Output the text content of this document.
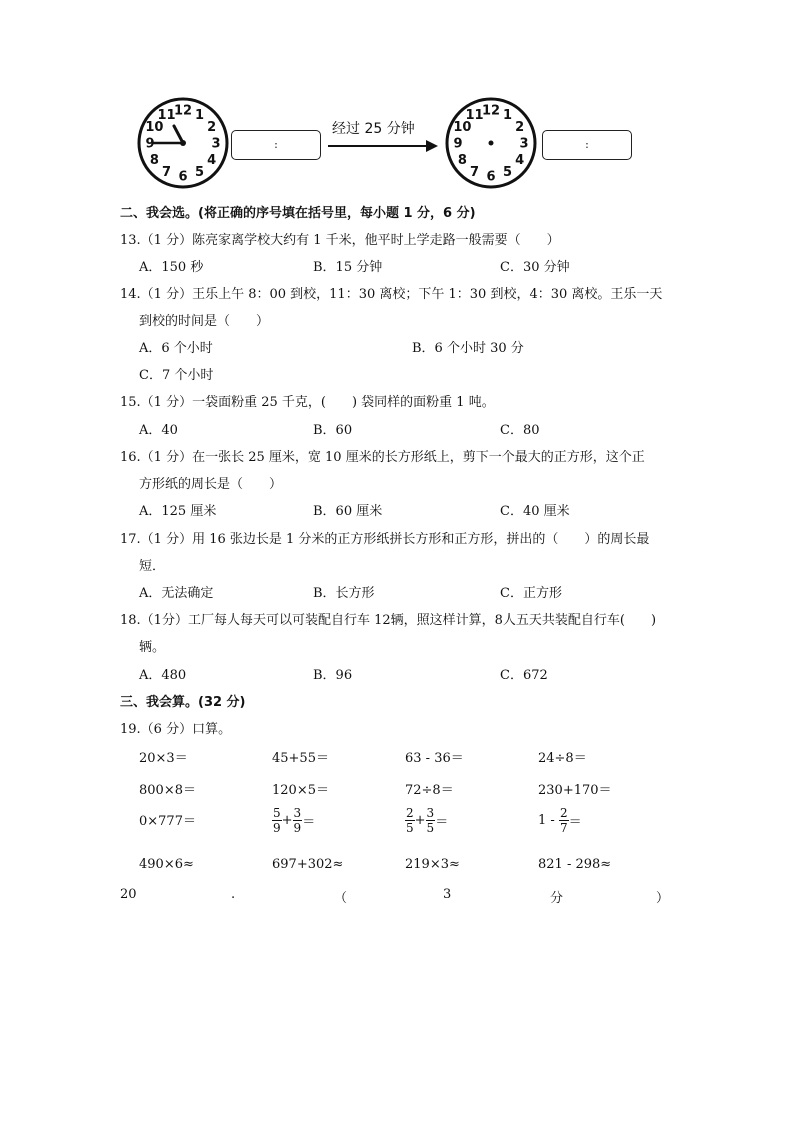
12 1
2
3
4
5
6
7
8
9
10
11
:
经过 25 分钟
12 1
2
3
4
5
6
7
8
9
10
11
:
二、我会选。(将正确的序号填在括号里，每小题 1 分，6 分)
13.（1 分）陈亮家离学校大约有 1 千米，他平时上学走路一般需要（　　）
A．150 秒	B．15 分钟	C．30 分钟
14.（1 分）王乐上午 8：00 到校，11：30 离校；下午 1：30 到校，4：30 离校。王乐一天
到校的时间是（　　）
A．6 个小时	B．6 个小时 30 分
C．7 个小时
15.（1 分）一袋面粉重 25 千克，(　　) 袋同样的面粉重 1 吨。
A．40	B．60	C．80
16.（1 分）在一张长 25 厘米，宽 10 厘米的长方形纸上，剪下一个最大的正方形，这个正
方形纸的周长是（　　）
A．125 厘米	B．60 厘米	C．40 厘米
17.（1 分）用 16 张边长是 1 分米的正方形纸拼长方形和正方形，拼出的（　　）的周长最
短．
A．无法确定	B．长方形	C．正方形
18.（1分）工厂每人每天可以可装配自行车 12辆，照这样计算，8人五天共装配自行车(　　)
辆。
A．480	B．96	C．672
三、我会算。(32 分)
19.（6 分）口算。
20×3＝	45+55＝	63 - 36＝	24÷8＝
800×8＝	120×5＝	72÷8＝	230+170＝
0×777＝	$\frac{5}{9} + \frac{3}{9}$ ＝	$\frac{2}{5} + \frac{3}{5}$ ＝	$1 - \frac{2}{7}$ ＝
490×6≈	697+302≈	219×3≈	821 - 298≈
20	.	（	3	分	）
